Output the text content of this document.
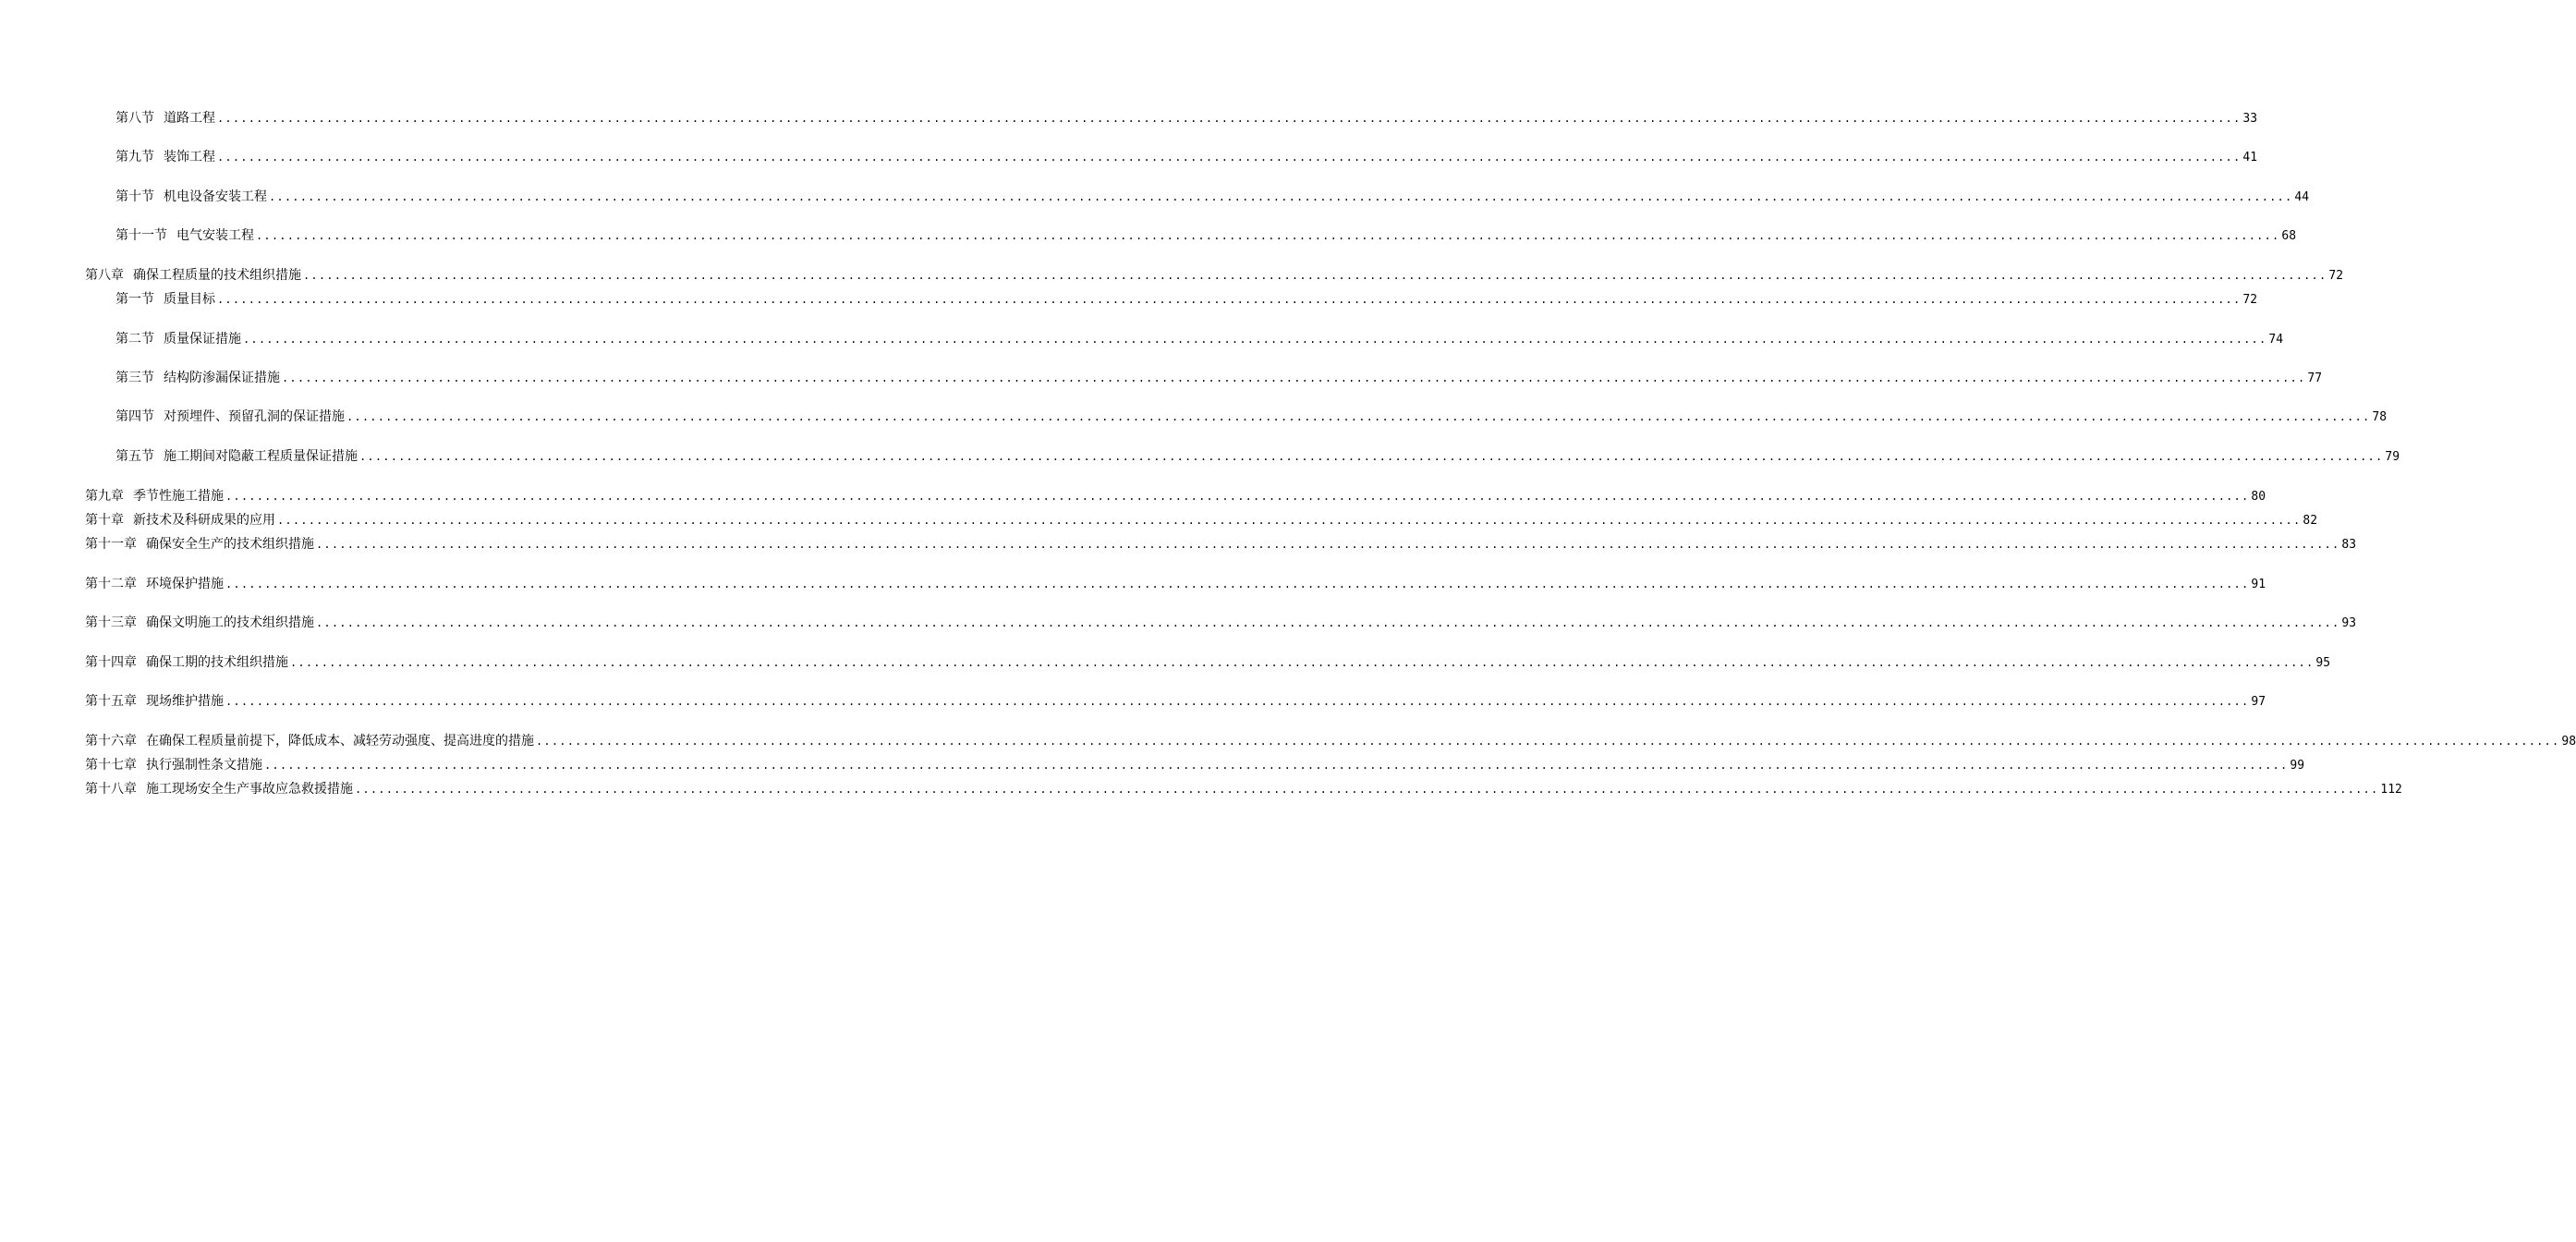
第八节 道路工程 .................................................................................................................................................................................................................................................................... 33
第九节 装饰工程 .................................................................................................................................................................................................................................................................... 41
第十节 机电设备安装工程 .................................................................................................................................................................................................................................................................... 44
第十一节 电气安装工程 .................................................................................................................................................................................................................................................................... 68
第八章 确保工程质量的技术组织措施 .................................................................................................................................................................................................................................................................... 72
第一节 质量目标 .................................................................................................................................................................................................................................................................... 72
第二节 质量保证措施 .................................................................................................................................................................................................................................................................... 74
第三节 结构防渗漏保证措施 .................................................................................................................................................................................................................................................................... 77
第四节 对预埋件、预留孔洞的保证措施 .................................................................................................................................................................................................................................................................... 78
第五节 施工期间对隐蔽工程质量保证措施 .................................................................................................................................................................................................................................................................... 79
第九章 季节性施工措施 .................................................................................................................................................................................................................................................................... 80
第十章 新技术及科研成果的应用 .................................................................................................................................................................................................................................................................... 82
第十一章 确保安全生产的技术组织措施 .................................................................................................................................................................................................................................................................... 83
第十二章 环境保护措施 .................................................................................................................................................................................................................................................................... 91
第十三章 确保文明施工的技术组织措施 .................................................................................................................................................................................................................................................................... 93
第十四章 确保工期的技术组织措施 .................................................................................................................................................................................................................................................................... 95
第十五章 现场维护措施 .................................................................................................................................................................................................................................................................... 97
第十六章 在确保工程质量前提下，降低成本、减轻劳动强度、提高进度的措施 .................................................................................................................................................................................................................................................................... 98
第十七章 执行强制性条文措施 .................................................................................................................................................................................................................................................................... 99
第十八章 施工现场安全生产事故应急救援措施 .................................................................................................................................................................................................................................................................... 112
